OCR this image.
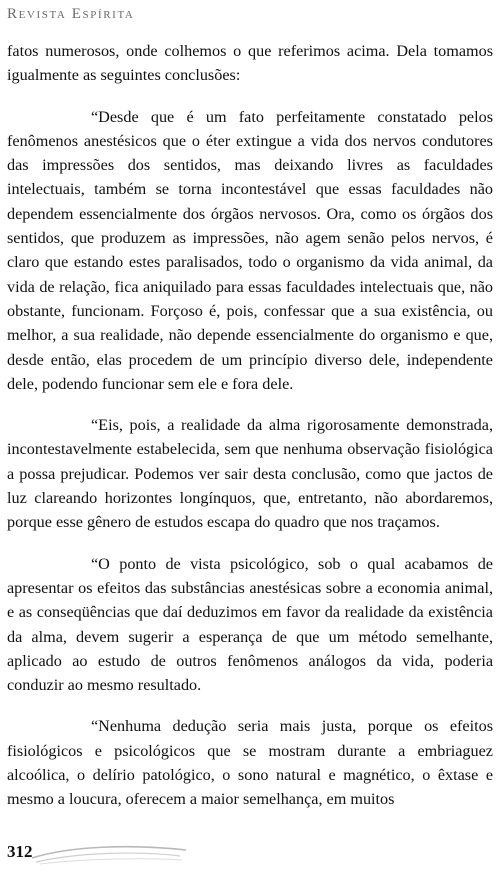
Revista Espírita

fatos numerosos, onde colhemos o que referimos acima. Dela tomamos igualmente as seguintes conclusões:

“Desde que é um fato perfeitamente constatado pelos fenômenos anestésicos que o éter extingue a vida dos nervos condutores das impressões dos sentidos, mas deixando livres as faculdades intelectuais, também se torna incontestável que essas faculdades não dependem essencialmente dos órgãos nervosos. Ora, como os órgãos dos sentidos, que produzem as impressões, não agem senão pelos nervos, é claro que estando estes paralisados, todo o organismo da vida animal, da vida de relação, fica aniquilado para essas faculdades intelectuais que, não obstante, funcionam. Forçoso é, pois, confessar que a sua existência, ou melhor, a sua realidade, não depende essencialmente do organismo e que, desde então, elas procedem de um princípio diverso dele, independente dele, podendo funcionar sem ele e fora dele.

“Eis, pois, a realidade da alma rigorosamente demonstrada, incontestavelmente estabelecida, sem que nenhuma observação fisiológica a possa prejudicar. Podemos ver sair desta conclusão, como que jactos de luz clareando horizontes longínquos, que, entretanto, não abordaremos, porque esse gênero de estudos escapa do quadro que nos traçamos.

“O ponto de vista psicológico, sob o qual acabamos de apresentar os efeitos das substâncias anestésicas sobre a economia animal, e as conseqüências que daí deduzimos em favor da realidade da existência da alma, devem sugerir a esperança de que um método semelhante, aplicado ao estudo de outros fenômenos análogos da vida, poderia conduzir ao mesmo resultado.

“Nenhuma dedução seria mais justa, porque os efeitos fisiológicos e psicológicos que se mostram durante a embriaguez alcoólica, o delírio patológico, o sono natural e magnético, o êxtase e mesmo a loucura, oferecem a maior semelhança, em muitos

312
